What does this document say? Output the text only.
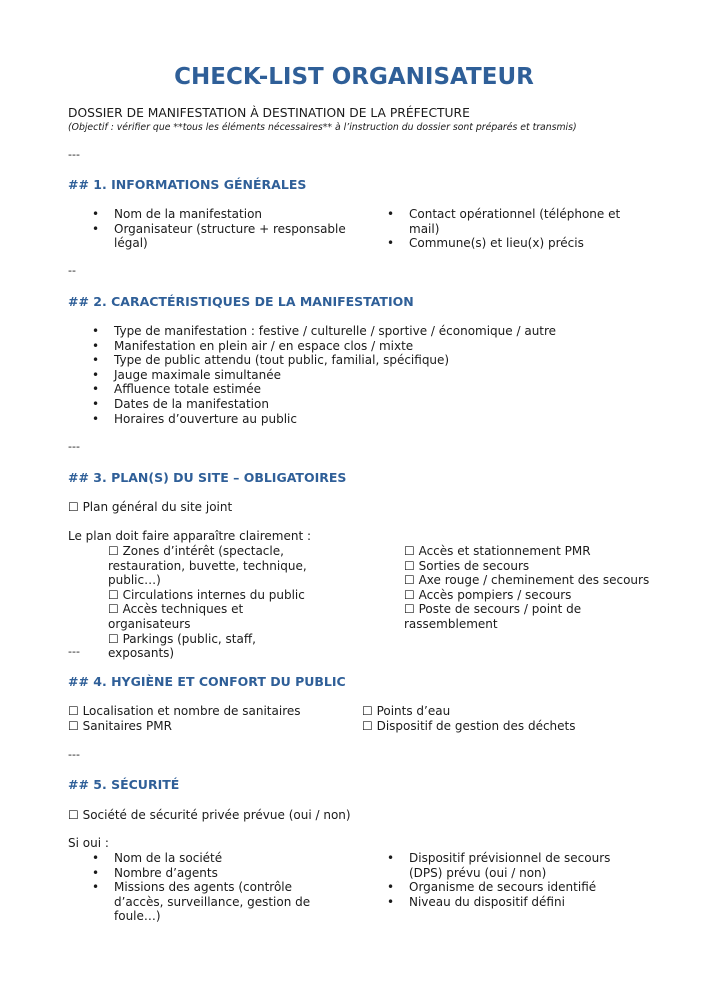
CHECK-LIST ORGANISATEUR
DOSSIER DE MANIFESTATION À DESTINATION DE LA PRÉFECTURE
(Objectif : vérifier que **tous les éléments nécessaires** à l’instruction du dossier sont préparés et transmis)
---
## 1. INFORMATIONS GÉNÉRALES
• Nom de la manifestation
• Organisateur (structure + responsable légal)
• Contact opérationnel (téléphone et mail)
• Commune(s) et lieu(x) précis
--
## 2. CARACTÉRISTIQUES DE LA MANIFESTATION
• Type de manifestation : festive / culturelle / sportive / économique / autre
• Manifestation en plein air / en espace clos / mixte
• Type de public attendu (tout public, familial, spécifique)
• Jauge maximale simultanée
• Affluence totale estimée
• Dates de la manifestation
• Horaires d’ouverture au public
---
## 3. PLAN(S) DU SITE – OBLIGATOIRES
☐ Plan général du site joint
Le plan doit faire apparaître clairement :
☐ Zones d’intérêt (spectacle, restauration, buvette, technique, public…)
☐ Circulations internes du public
☐ Accès techniques et organisateurs
☐ Parkings (public, staff, exposants)
☐ Accès et stationnement PMR
☐ Sorties de secours
☐ Axe rouge / cheminement des secours
☐ Accès pompiers / secours
☐ Poste de secours / point de rassemblement
---
## 4. HYGIÈNE ET CONFORT DU PUBLIC
☐ Localisation et nombre de sanitaires
☐ Sanitaires PMR
☐ Points d’eau
☐ Dispositif de gestion des déchets
---
## 5. SÉCURITÉ
☐ Société de sécurité privée prévue (oui / non)
Si oui :
• Nom de la société
• Nombre d’agents
• Missions des agents (contrôle d’accès, surveillance, gestion de foule…)
• Dispositif prévisionnel de secours (DPS) prévu (oui / non)
• Organisme de secours identifié
• Niveau du dispositif défini
